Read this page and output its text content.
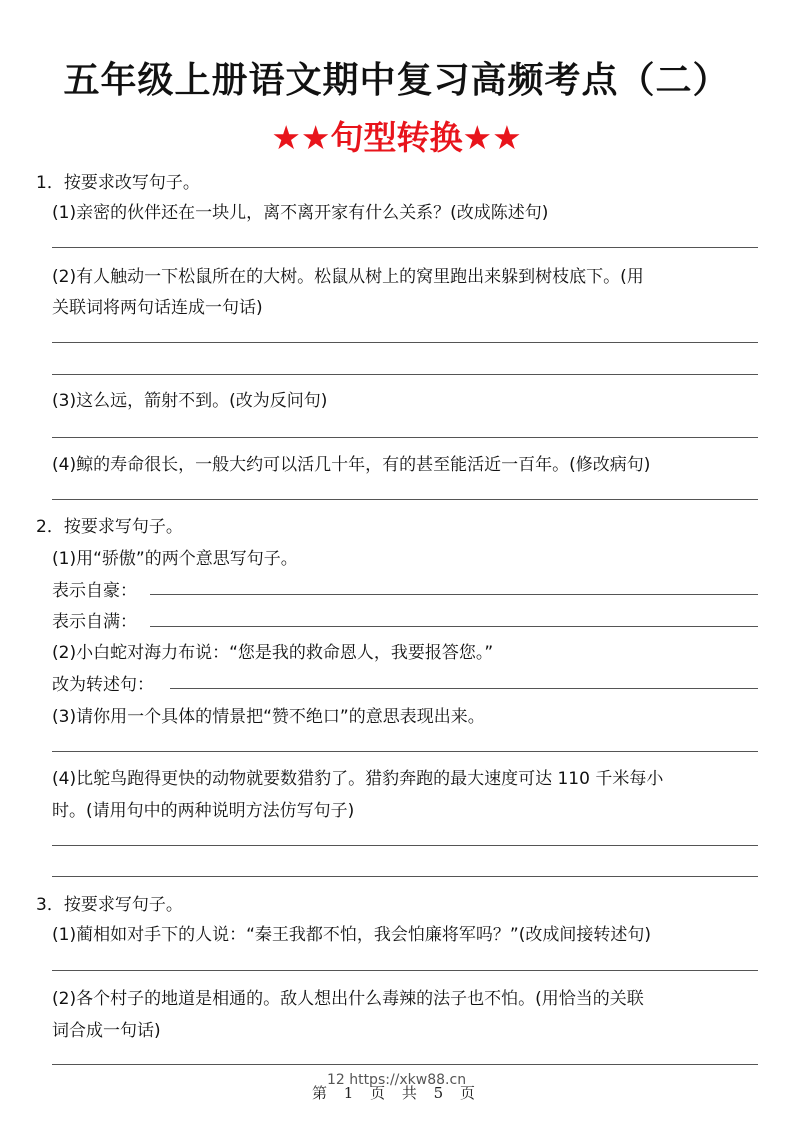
五年级上册语文期中复习高频考点（二）
★★句型转换★★
1．按要求改写句子。
(1)亲密的伙伴还在一块儿，离不离开家有什么关系？(改成陈述句)
(2)有人触动一下松鼠所在的大树。松鼠从树上的窝里跑出来躲到树枝底下。(用
关联词将两句话连成一句话)
(3)这么远，箭射不到。(改为反问句)
(4)鲸的寿命很长，一般大约可以活几十年，有的甚至能活近一百年。(修改病句)
2．按要求写句子。
(1)用“骄傲”的两个意思写句子。
表示自豪：
表示自满：
(2)小白蛇对海力布说：“您是我的救命恩人，我要报答您。”
改为转述句：
(3)请你用一个具体的情景把“赞不绝口”的意思表现出来。
(4)比鸵鸟跑得更快的动物就要数猎豹了。猎豹奔跑的最大速度可达 110 千米每小
时。(请用句中的两种说明方法仿写句子)
3．按要求写句子。
(1)蔺相如对手下的人说：“秦王我都不怕，我会怕廉将军吗？”(改成间接转述句)
(2)各个村子的地道是相通的。敌人想出什么毒辣的法子也不怕。(用恰当的关联
词合成一句话)
12 https://xkw88.cn
第 1 页 共 5 页
